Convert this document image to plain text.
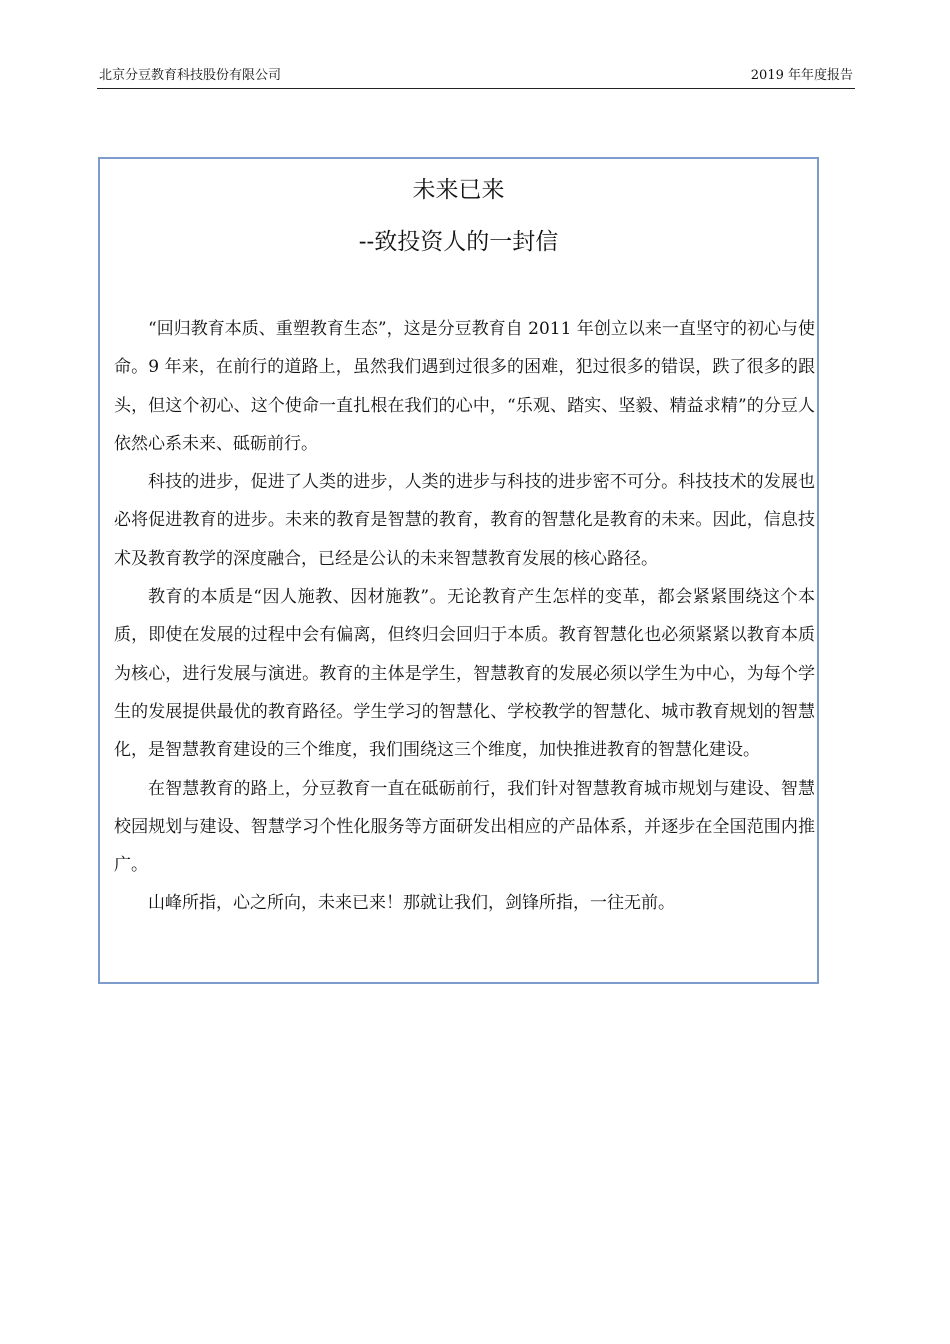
北京分豆教育科技股份有限公司	2019 年年度报告
未来已来
--致投资人的一封信

“回归教育本质、重塑教育生态”，这是分豆教育自 2011 年创立以来一直坚守的初心与使命。9 年来，在前行的道路上，虽然我们遇到过很多的困难，犯过很多的错误，跌了很多的跟头，但这个初心、这个使命一直扎根在我们的心中，“乐观、踏实、坚毅、精益求精”的分豆人依然心系未来、砥砺前行。

科技的进步，促进了人类的进步，人类的进步与科技的进步密不可分。科技技术的发展也必将促进教育的进步。未来的教育是智慧的教育，教育的智慧化是教育的未来。因此，信息技术及教育教学的深度融合，已经是公认的未来智慧教育发展的核心路径。

教育的本质是“因人施教、因材施教”。无论教育产生怎样的变革，都会紧紧围绕这个本质，即使在发展的过程中会有偏离，但终归会回归于本质。教育智慧化也必须紧紧以教育本质为核心，进行发展与演进。教育的主体是学生，智慧教育的发展必须以学生为中心，为每个学生的发展提供最优的教育路径。学生学习的智慧化、学校教学的智慧化、城市教育规划的智慧化，是智慧教育建设的三个维度，我们围绕这三个维度，加快推进教育的智慧化建设。

在智慧教育的路上，分豆教育一直在砥砺前行，我们针对智慧教育城市规划与建设、智慧校园规划与建设、智慧学习个性化服务等方面研发出相应的产品体系，并逐步在全国范围内推广。

山峰所指，心之所向，未来已来！那就让我们，剑锋所指，一往无前。
